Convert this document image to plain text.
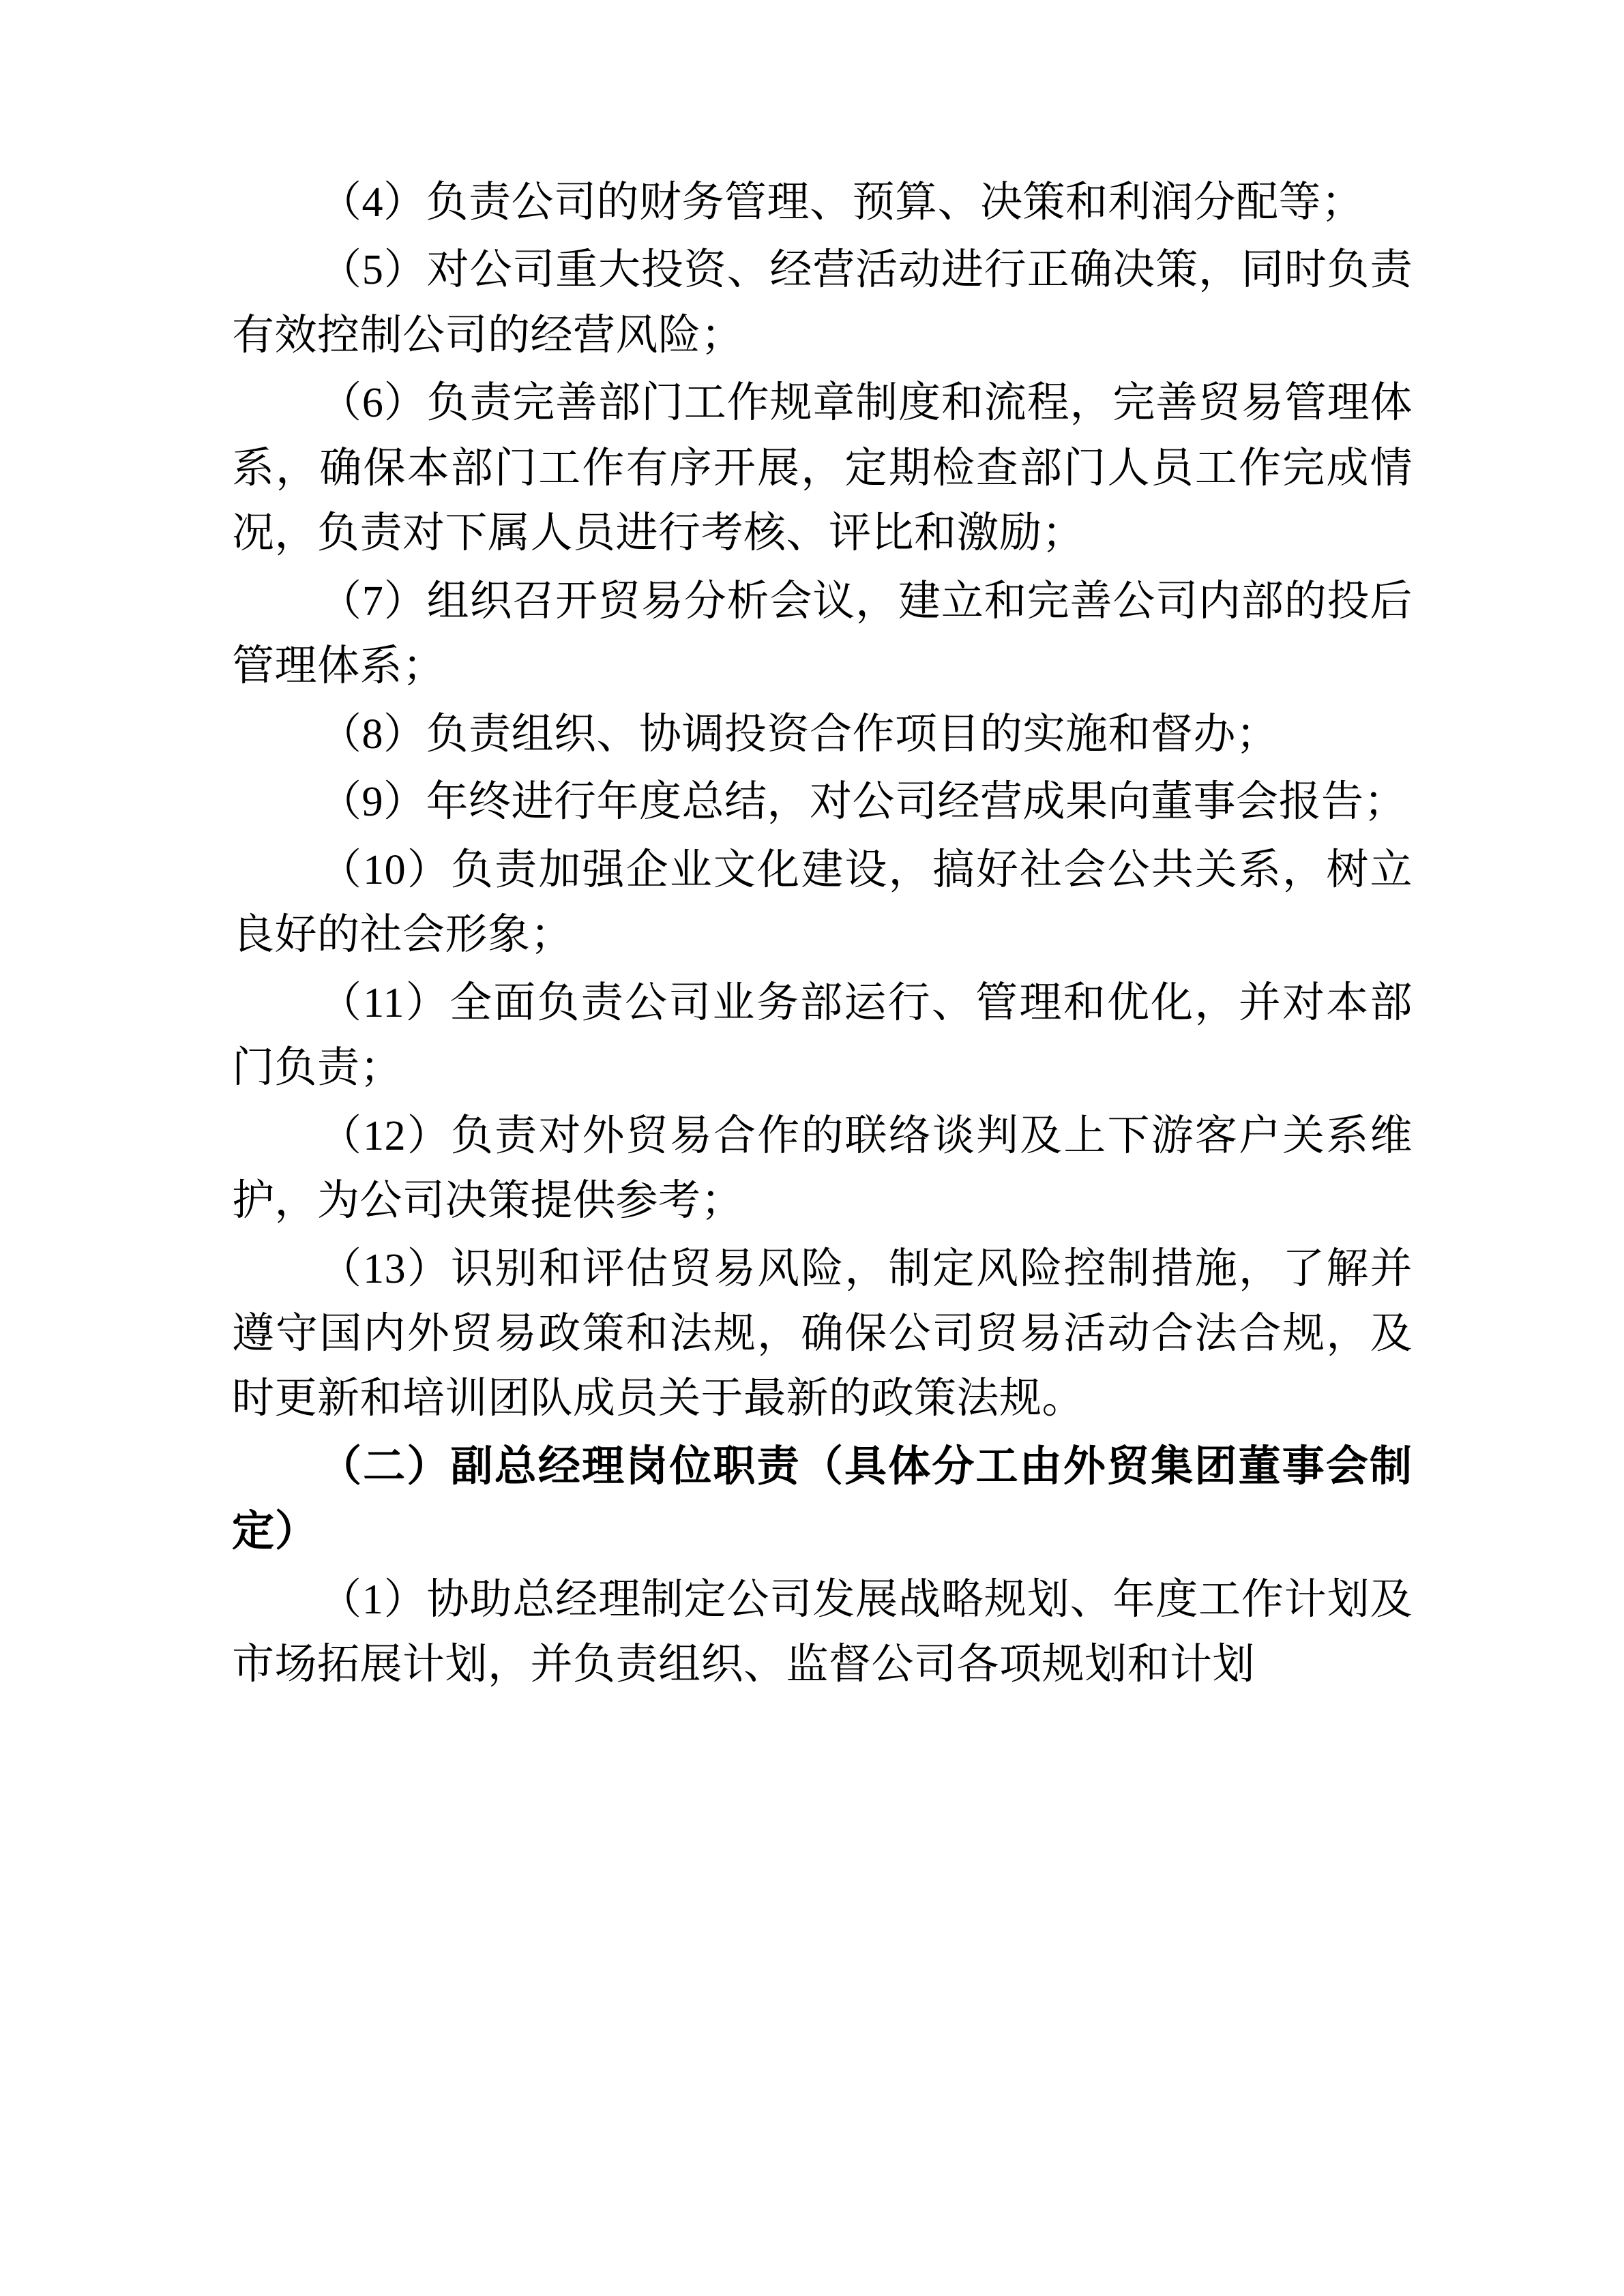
（4）负责公司的财务管理、预算、决策和利润分配等；

（5）对公司重大投资、经营活动进行正确决策，同时负责有效控制公司的经营风险；

（6）负责完善部门工作规章制度和流程，完善贸易管理体系，确保本部门工作有序开展，定期检查部门人员工作完成情况，负责对下属人员进行考核、评比和激励；

（7）组织召开贸易分析会议，建立和完善公司内部的投后管理体系；

（8）负责组织、协调投资合作项目的实施和督办；

（9）年终进行年度总结，对公司经营成果向董事会报告；

（10）负责加强企业文化建设，搞好社会公共关系，树立良好的社会形象；

（11）全面负责公司业务部运行、管理和优化，并对本部门负责；

（12）负责对外贸易合作的联络谈判及上下游客户关系维护，为公司决策提供参考；

（13）识别和评估贸易风险，制定风险控制措施，了解并遵守国内外贸易政策和法规，确保公司贸易活动合法合规，及时更新和培训团队成员关于最新的政策法规。

（二）副总经理岗位职责（具体分工由外贸集团董事会制定）

（1）协助总经理制定公司发展战略规划、年度工作计划及市场拓展计划，并负责组织、监督公司各项规划和计划
